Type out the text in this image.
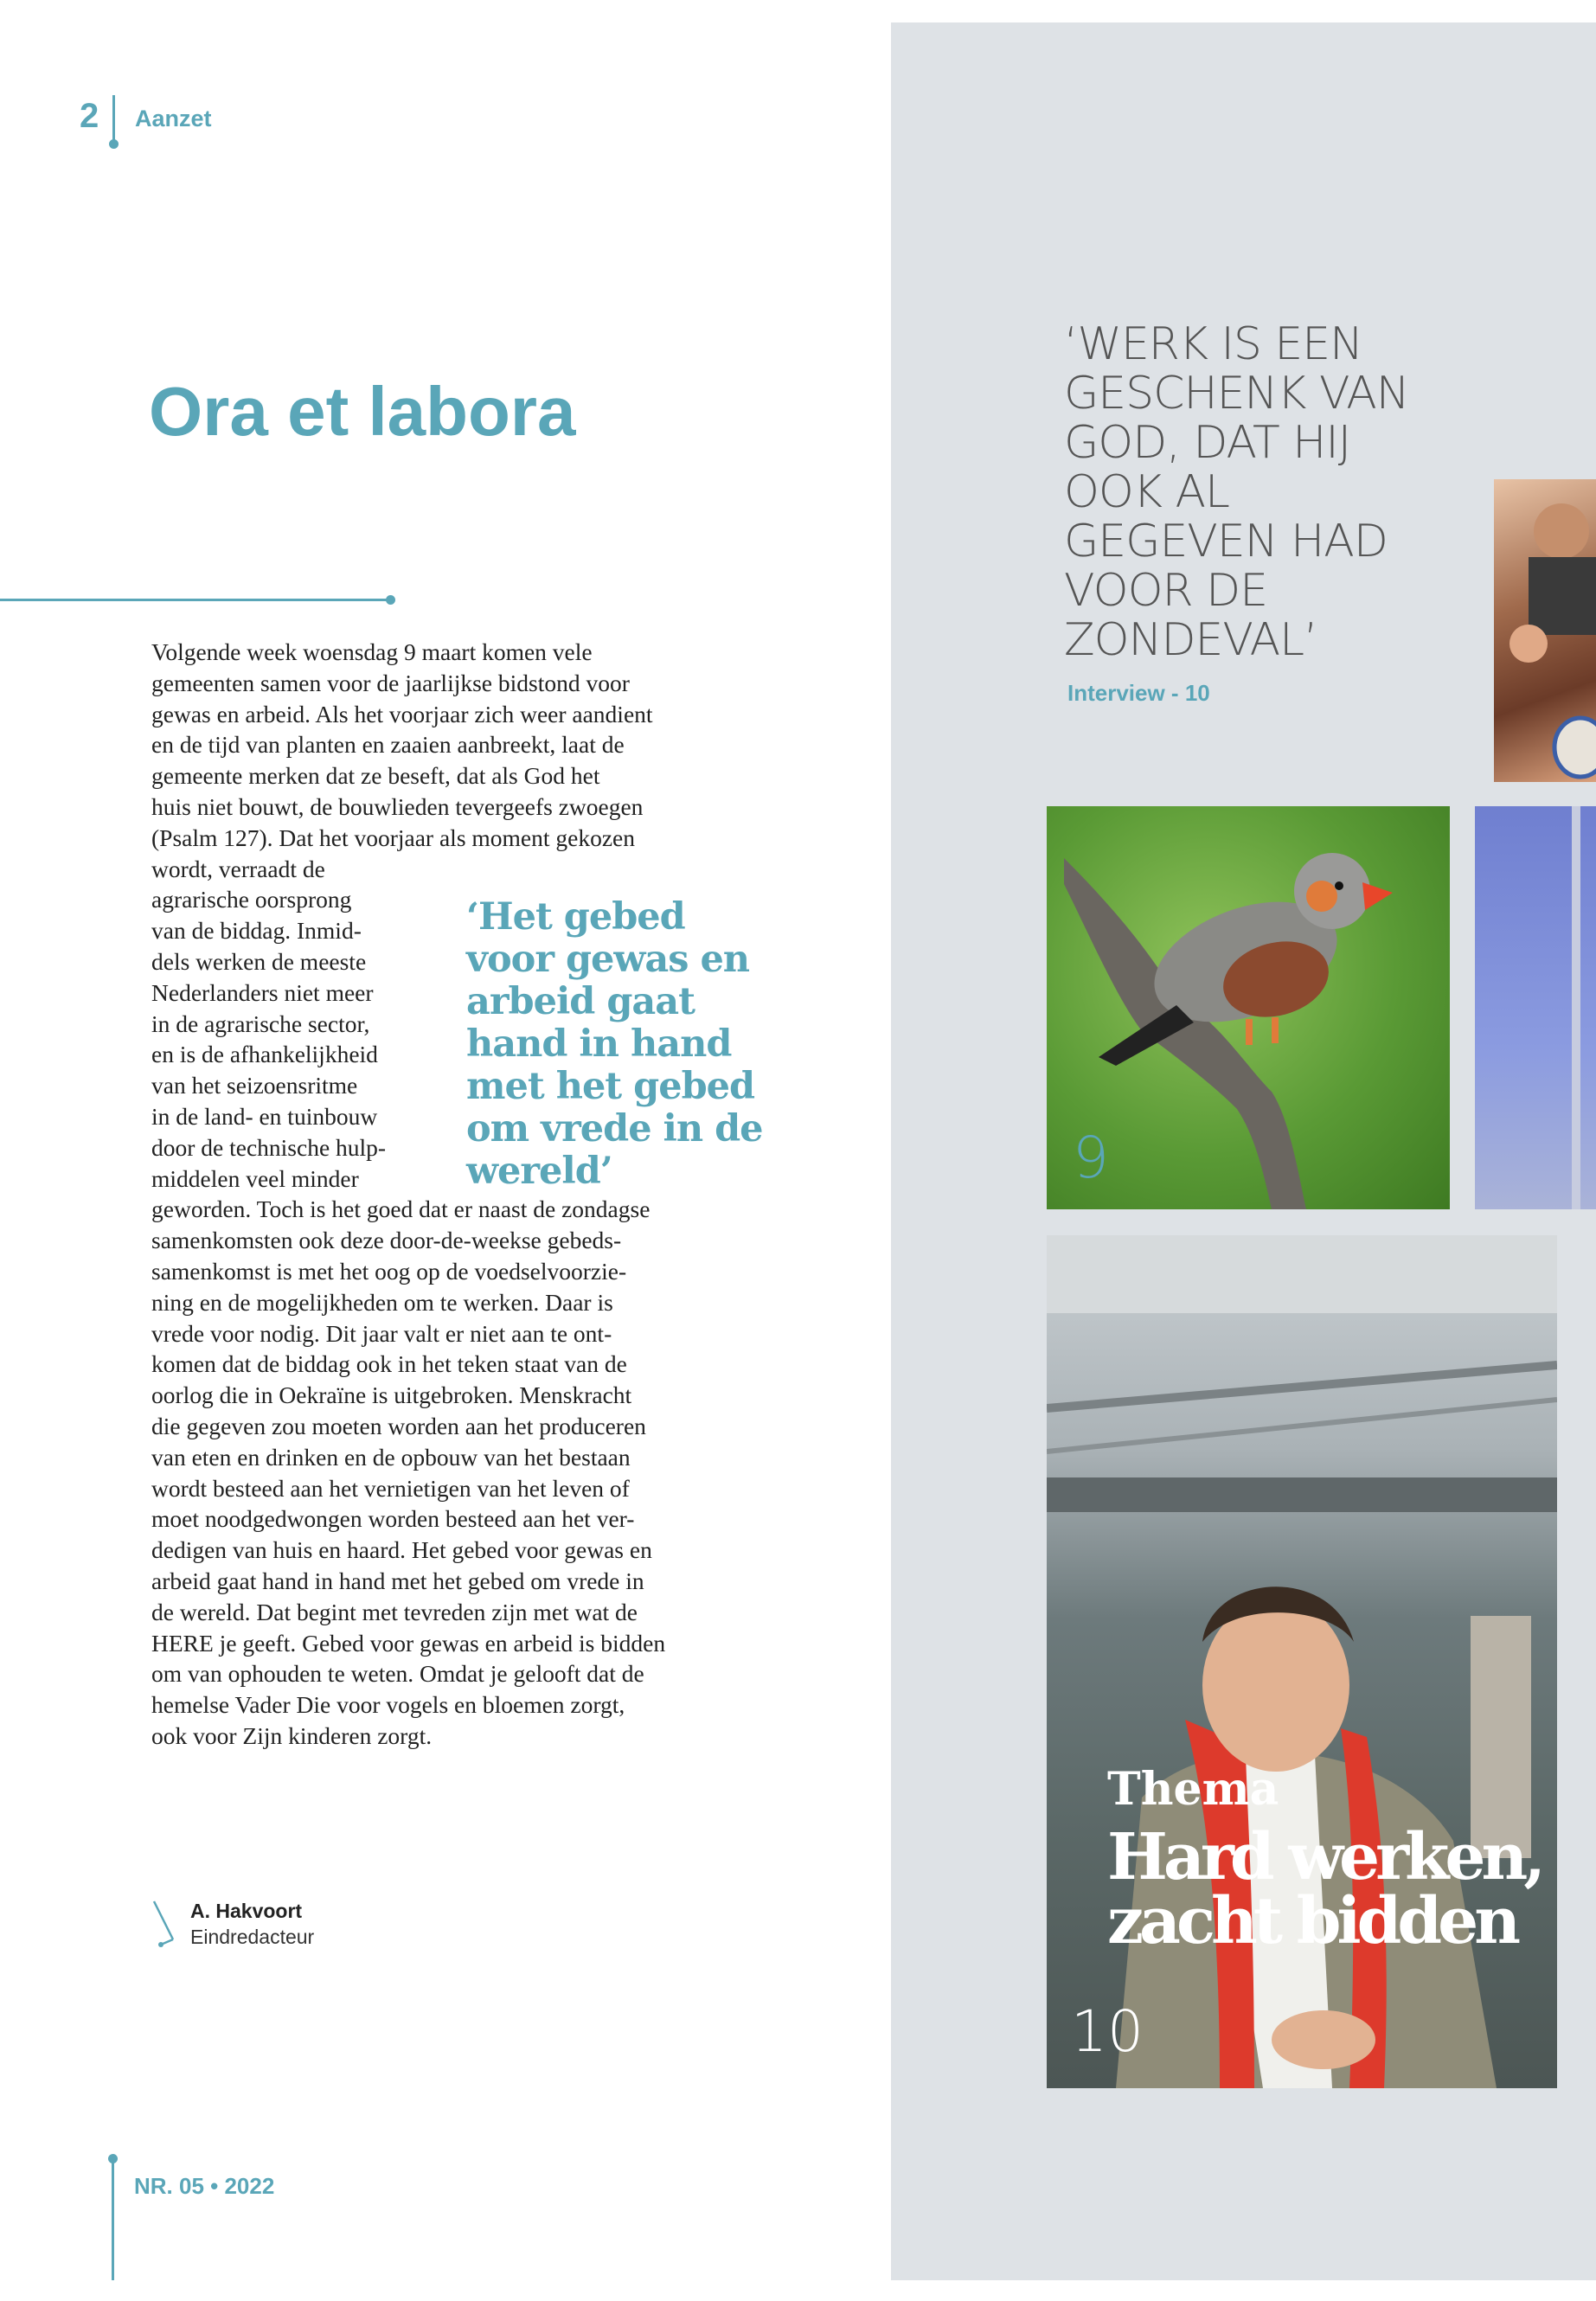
2 Aanzet
Ora et labora
Volgende week woensdag 9 maart komen vele
gemeenten samen voor de jaarlijkse bidstond voor
gewas en arbeid. Als het voorjaar zich weer aandient
en de tijd van planten en zaaien aanbreekt, laat de
gemeente merken dat ze beseft, dat als God het
huis niet bouwt, de bouwlieden tevergeefs zwoegen
(Psalm 127). Dat het voorjaar als moment gekozen
wordt, verraadt de
agrarische oorsprong
van de biddag. Inmid-
dels werken de meeste
Nederlanders niet meer
in de agrarische sector,
en is de afhankelijkheid
van het seizoensritme
in de land- en tuinbouw
door de technische hulp-
middelen veel minder
geworden. Toch is het goed dat er naast de zondagse
samenkomsten ook deze door-de-weekse gebeds-
samenkomst is met het oog op de voedselvoorzie-
ning en de mogelijkheden om te werken. Daar is
vrede voor nodig. Dit jaar valt er niet aan te ont-
komen dat de biddag ook in het teken staat van de
oorlog die in Oekraïne is uitgebroken. Menskracht
die gegeven zou moeten worden aan het produceren
van eten en drinken en de opbouw van het bestaan
wordt besteed aan het vernietigen van het leven of
moet noodgedwongen worden besteed aan het ver-
dedigen van huis en haard. Het gebed voor gewas en
arbeid gaat hand in hand met het gebed om vrede in
de wereld. Dat begint met tevreden zijn met wat de
HERE je geeft. Gebed voor gewas en arbeid is bidden
om van ophouden te weten. Omdat je gelooft dat de
hemelse Vader Die voor vogels en bloemen zorgt,
ook voor Zijn kinderen zorgt.
‘Het gebed voor gewas en arbeid gaat hand in hand met het gebed om vrede in de wereld’
A. Hakvoort
Eindredacteur
NR. 05 • 2022
‘WERK IS EEN GESCHENK VAN GOD, DAT HIJ OOK AL GEGEVEN HAD VOOR DE ZONDEVAL’
Interview - 10
9
Thema
Hard werken, zacht bidden
10
